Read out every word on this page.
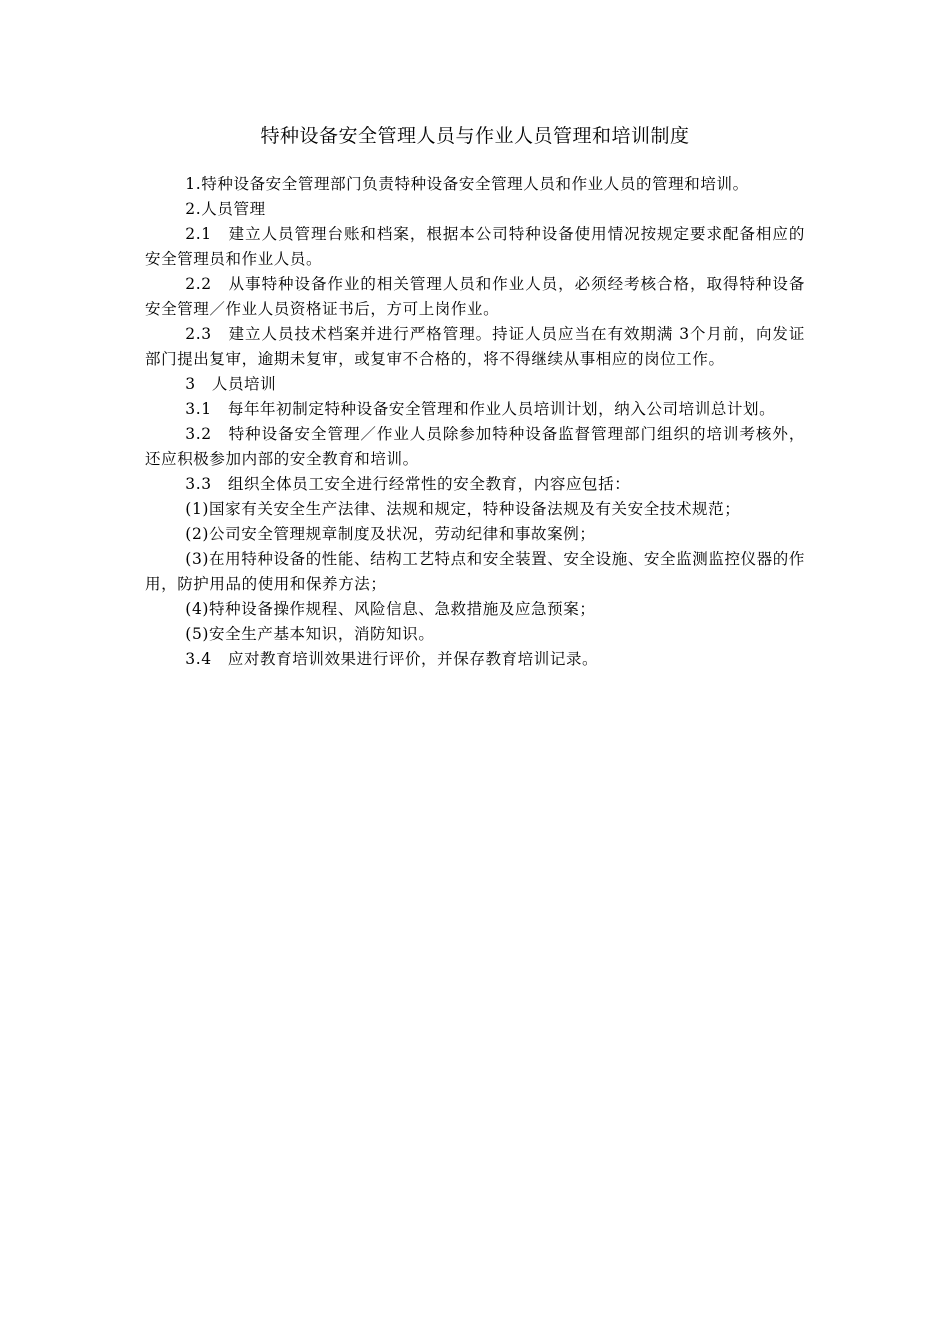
特种设备安全管理人员与作业人员管理和培训制度

1.特种设备安全管理部门负责特种设备安全管理人员和作业人员的管理和培训。

2.人员管理

2.1　建立人员管理台账和档案，根据本公司特种设备使用情况按规定要求配备相应的安全管理员和作业人员。

2.2　从事特种设备作业的相关管理人员和作业人员，必须经考核合格，取得特种设备安全管理／作业人员资格证书后，方可上岗作业。

2.3　建立人员技术档案并进行严格管理。持证人员应当在有效期满 3个月前，向发证部门提出复审，逾期未复审，或复审不合格的，将不得继续从事相应的岗位工作。

3　人员培训

3.1　每年年初制定特种设备安全管理和作业人员培训计划，纳入公司培训总计划。

3.2　特种设备安全管理／作业人员除参加特种设备监督管理部门组织的培训考核外，还应积极参加内部的安全教育和培训。

3.3　组织全体员工安全进行经常性的安全教育，内容应包括：

(1)国家有关安全生产法律、法规和规定，特种设备法规及有关安全技术规范；

(2)公司安全管理规章制度及状况，劳动纪律和事故案例；

(3)在用特种设备的性能、结构工艺特点和安全装置、安全设施、安全监测监控仪器的作用，防护用品的使用和保养方法；

(4)特种设备操作规程、风险信息、急救措施及应急预案；

(5)安全生产基本知识，消防知识。

3.4　应对教育培训效果进行评价，并保存教育培训记录。
